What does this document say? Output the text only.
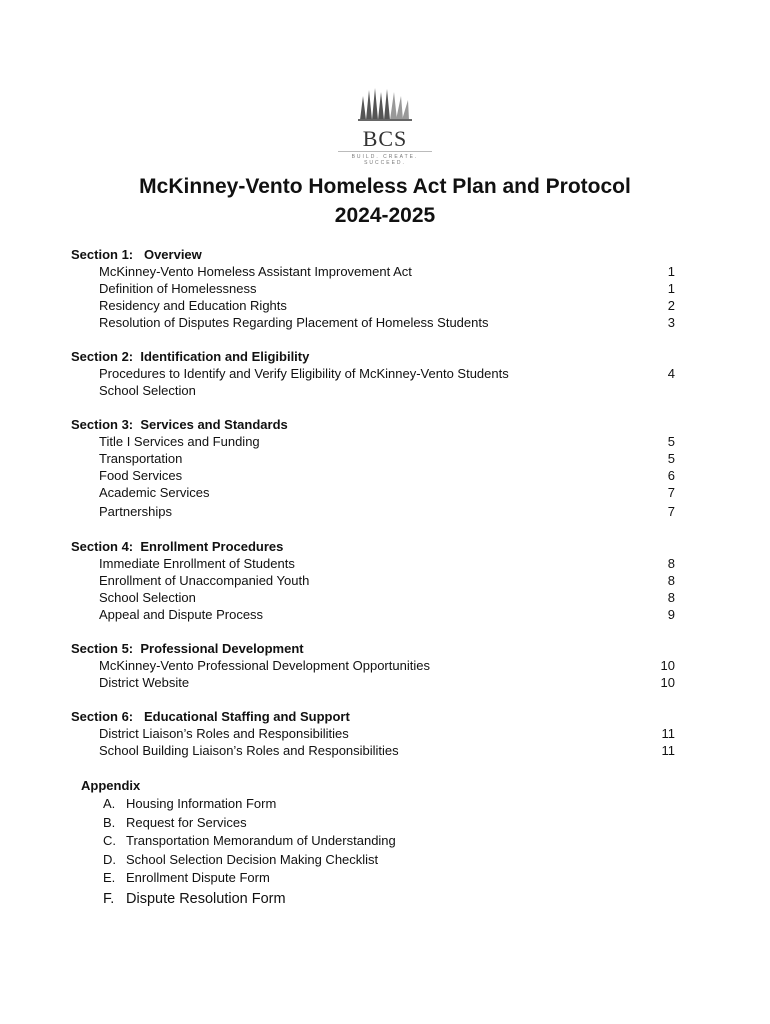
BCS
BUILD. CREATE. SUCCEED.
McKinney-Vento Homeless Act Plan and Protocol
2024-2025
Section 1:   Overview
McKinney-Vento Homeless Assistant Improvement Act	1
Definition of Homelessness	1
Residency and Education Rights	2
Resolution of Disputes Regarding Placement of Homeless Students	3
Section 2:  Identification and Eligibility
Procedures to Identify and Verify Eligibility of McKinney-Vento Students	4
School Selection
Section 3:  Services and Standards
Title I Services and Funding	5
Transportation	5
Food Services	6
Academic Services	7
Partnerships	7
Section 4:  Enrollment Procedures
Immediate Enrollment of Students	8
Enrollment of Unaccompanied Youth	8
School Selection	8
Appeal and Dispute Process	9
Section 5:  Professional Development
McKinney-Vento Professional Development Opportunities	10
District Website	10
Section 6:   Educational Staffing and Support
District Liaison’s Roles and Responsibilities	11
School Building Liaison’s Roles and Responsibilities	11
Appendix
A. Housing Information Form
B. Request for Services
C. Transportation Memorandum of Understanding
D. School Selection Decision Making Checklist
E. Enrollment Dispute Form
F. Dispute Resolution Form
